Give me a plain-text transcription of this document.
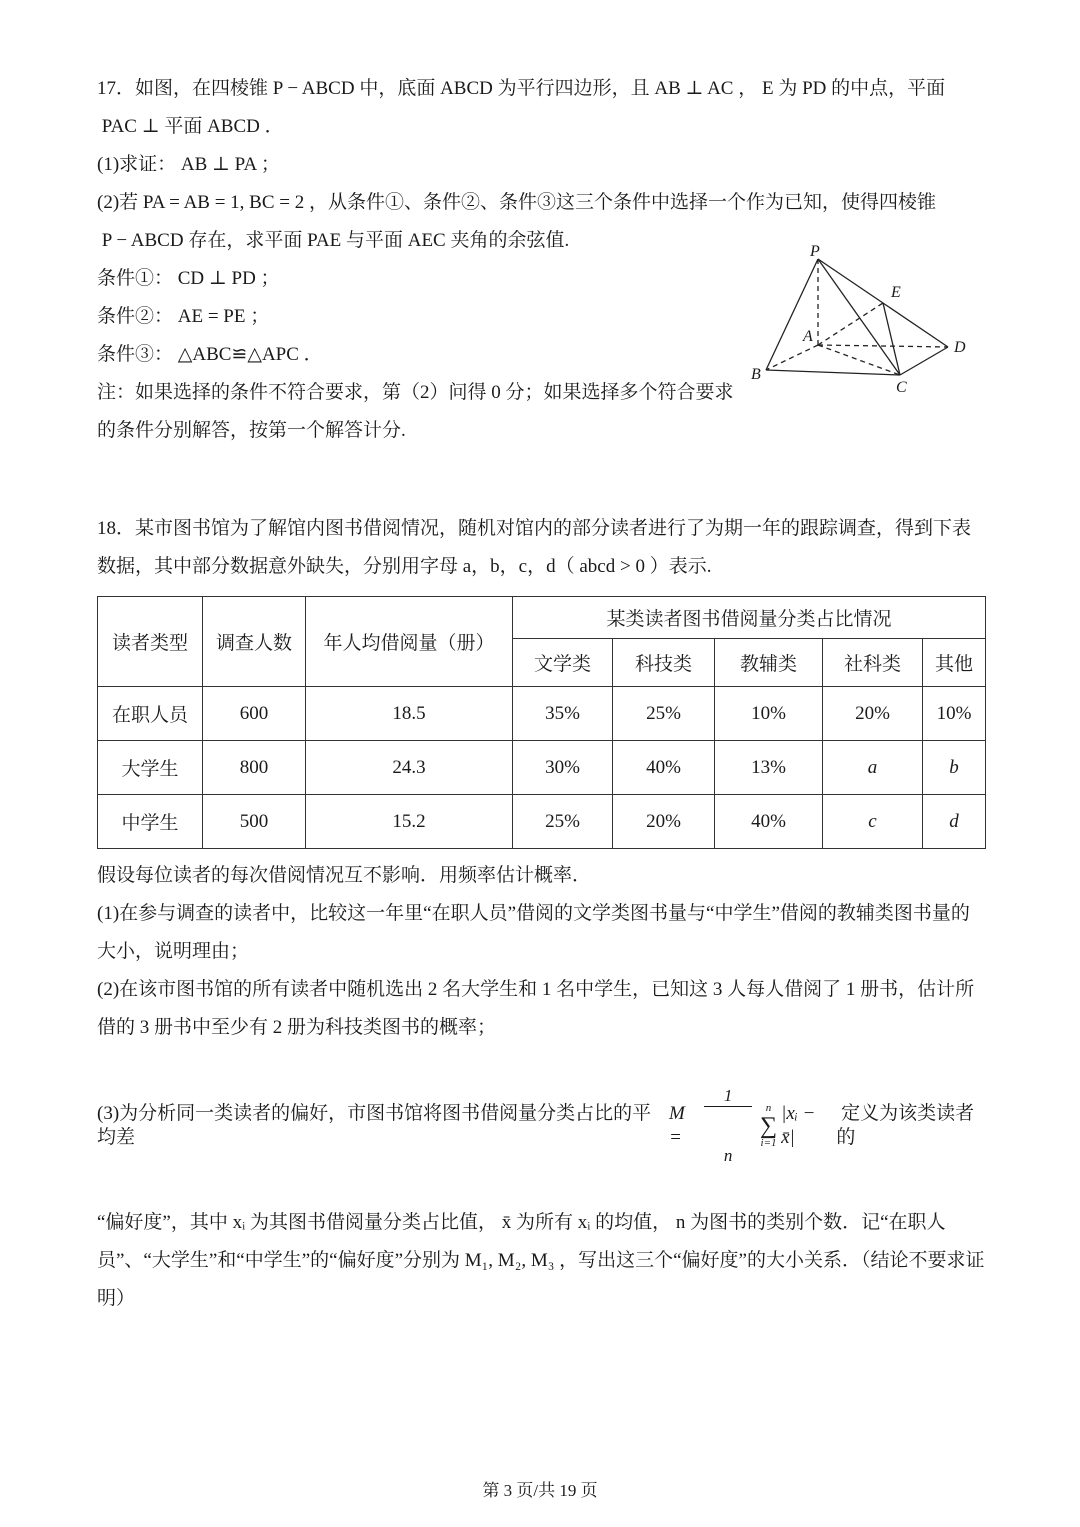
17．如图，在四棱锥 P − ABCD 中，底面 ABCD 为平行四边形，且 AB ⊥ AC ， E 为 PD 的中点，平面
PAC ⊥ 平面 ABCD ．
(1)求证： AB ⊥ PA ；
(2)若 PA = AB = 1, BC = 2 ，从条件①、条件②、条件③这三个条件中选择一个作为已知，使得四棱锥
P − ABCD 存在，求平面 PAE 与平面 AEC 夹角的余弦值.
条件①： CD ⊥ PD ；
条件②： AE = PE ；
条件③： △ABC≌△APC ．
注：如果选择的条件不符合要求，第（2）问得 0 分；如果选择多个符合要求
的条件分别解答，按第一个解答计分.
18．某市图书馆为了解馆内图书借阅情况，随机对馆内的部分读者进行了为期一年的跟踪调查，得到下表
数据，其中部分数据意外缺失，分别用字母 a，b，c，d（ abcd > 0 ）表示.
读者类型	调查人数	年人均借阅量（册）	某类读者图书借阅量分类占比情况				
			文学类	科技类	教辅类	社科类	其他
在职人员	600	18.5	35%	25%	10%	20%	10%
大学生	800	24.3	30%	40%	13%	a	b
中学生	500	15.2	25%	20%	40%	c	d
假设每位读者的每次借阅情况互不影响．用频率估计概率．
(1)在参与调查的读者中，比较这一年里“在职人员”借阅的文学类图书量与“中学生”借阅的教辅类图书量的
大小，说明理由；
(2)在该市图书馆的所有读者中随机选出 2 名大学生和 1 名中学生，已知这 3 人每人借阅了 1 册书，估计所
借的 3 册书中至少有 2 册为科技类图书的概率；
(3)为分析同一类读者的偏好，市图书馆将图书借阅量分类占比的平均差
M =

	$\frac{1}{n}$

n
∑
i=1
|xᵢ − x̄|
定义为该类读者的
“偏好度”，其中 xᵢ 为其图书借阅量分类占比值， x̄ 为所有 xᵢ 的均值， n 为图书的类别个数．记“在职人
员”、“大学生”和“中学生”的“偏好度”分别为 M₁, M₂, M₃ ，写出这三个“偏好度”的大小关系．（结论不要求证
明）
P
E
A
B
C
D
第 3 页/共 19 页
